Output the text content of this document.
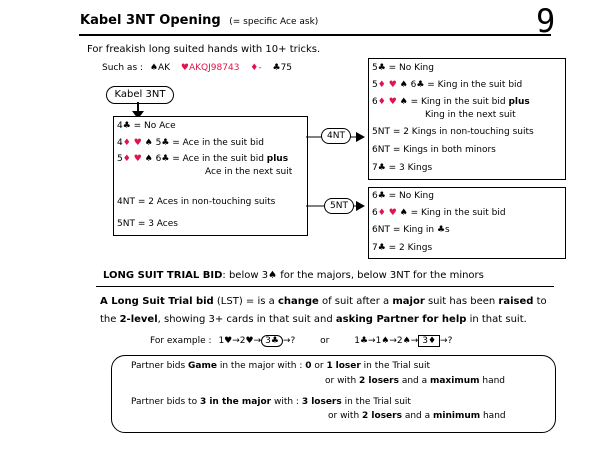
Kabel 3NT Opening (= specific Ace ask)	9
For freakish long suited hands with 10+ tricks.
Such as : ♠AK ♥AKQJ98743 ♦- ♣75
Kabel 3NT
4♣ = No Ace
4♦ ♥ ♠ 5♣ = Ace in the suit bid
5♦ ♥ ♠ 6♣ = Ace in the suit bid plus
Ace in the next suit
4NT = 2 Aces in non-touching suits
5NT = 3 Aces
4NT
5NT
5♣ = No King
5♦ ♥ ♠ 6♣ = King in the suit bid
6♦ ♥ ♠ = King in the suit bid plus
King in the next suit
5NT = 2 Kings in non-touching suits
6NT = Kings in both minors
7♣ = 3 Kings
6♣ = No King
6♦ ♥ ♠ = King in the suit bid
6NT = King in ♣s
7♣ = 2 Kings
LONG SUIT TRIAL BID: below 3♠ for the majors, below 3NT for the minors
A Long Suit Trial bid (LST) = is a change of suit after a major suit has been raised to
the 2-level, showing 3+ cards in that suit and asking Partner for help in that suit.
For example : 1♥→2♥→ 3♣ →?	or	1♣→1♠→2♠→ 3♦ →?
Partner bids Game in the major with : 0 or 1 loser in the Trial suit
or with 2 losers and a maximum hand
Partner bids to 3 in the major with : 3 losers in the Trial suit
or with 2 losers and a minimum hand
